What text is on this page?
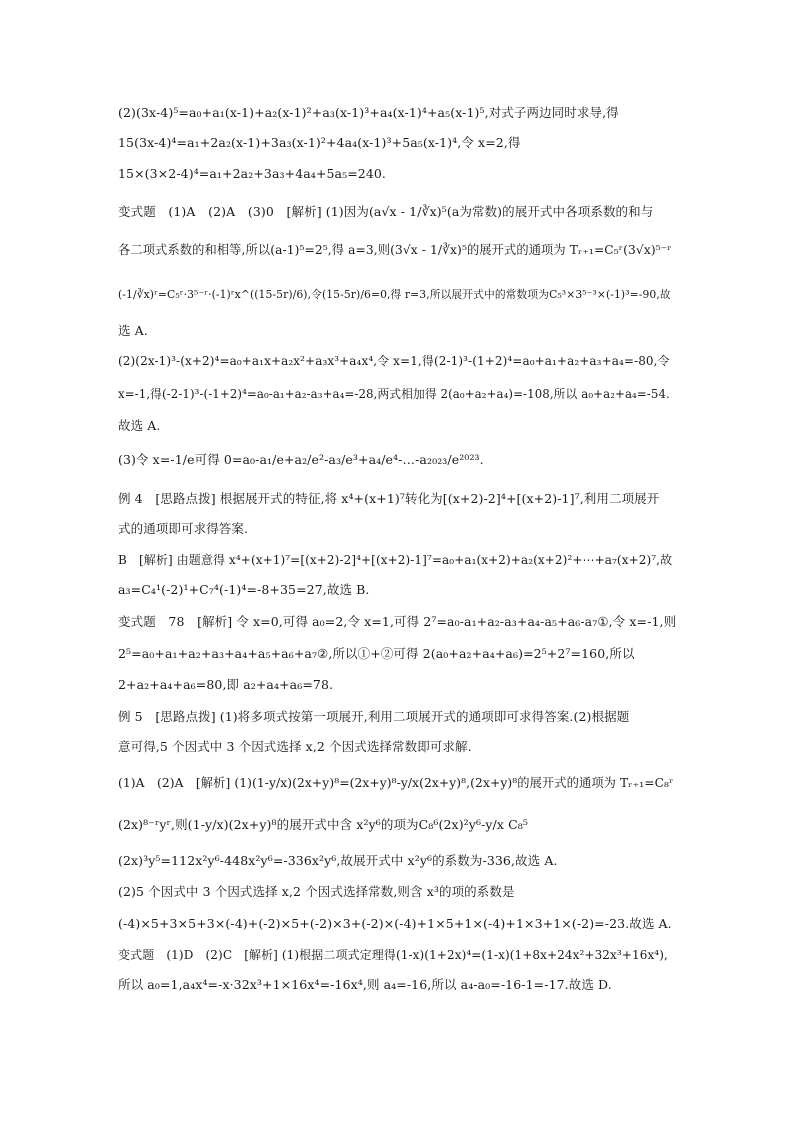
(2)(3x-4)⁵=a₀+a₁(x-1)+a₂(x-1)²+a₃(x-1)³+a₄(x-1)⁴+a₅(x-1)⁵,对式子两边同时求导,得
15(3x-4)⁴=a₁+2a₂(x-1)+3a₃(x-1)²+4a₄(x-1)³+5a₅(x-1)⁴,令 x=2,得
15×(3×2-4)⁴=a₁+2a₂+3a₃+4a₄+5a₅=240.
变式题　(1)A　(2)A　(3)0　[解析] (1)因为(a√x - 1/∛x)⁵(a为常数)的展开式中各项系数的和与
各二项式系数的和相等,所以(a-1)⁵=2⁵,得 a=3,则(3√x - 1/∛x)⁵的展开式的通项为 Tᵣ₊₁=C₅ʳ(3√x)⁵⁻ʳ
(-1/∛x)ʳ=C₅ʳ·3⁵⁻ʳ·(-1)ʳx^((15-5r)/6),令(15-5r)/6=0,得 r=3,所以展开式中的常数项为C₅³×3⁵⁻³×(-1)³=-90,故
选 A.
(2)(2x-1)³-(x+2)⁴=a₀+a₁x+a₂x²+a₃x³+a₄x⁴,令 x=1,得(2-1)³-(1+2)⁴=a₀+a₁+a₂+a₃+a₄=-80,令
x=-1,得(-2-1)³-(-1+2)⁴=a₀-a₁+a₂-a₃+a₄=-28,两式相加得 2(a₀+a₂+a₄)=-108,所以 a₀+a₂+a₄=-54.
故选 A.
(3)令 x=-1/e可得 0=a₀-a₁/e+a₂/e²-a₃/e³+a₄/e⁴-…-a₂₀₂₃/e²⁰²³.
例 4　[思路点拨] 根据展开式的特征,将 x⁴+(x+1)⁷转化为[(x+2)-2]⁴+[(x+2)-1]⁷,利用二项展开
式的通项即可求得答案.
B　[解析] 由题意得 x⁴+(x+1)⁷=[(x+2)-2]⁴+[(x+2)-1]⁷=a₀+a₁(x+2)+a₂(x+2)²+⋯+a₇(x+2)⁷,故
a₃=C₄¹(-2)¹+C₇⁴(-1)⁴=-8+35=27,故选 B.
变式题　78　[解析] 令 x=0,可得 a₀=2,令 x=1,可得 2⁷=a₀-a₁+a₂-a₃+a₄-a₅+a₆-a₇①,令 x=-1,则
2⁵=a₀+a₁+a₂+a₃+a₄+a₅+a₆+a₇②,所以①+②可得 2(a₀+a₂+a₄+a₆)=2⁵+2⁷=160,所以
2+a₂+a₄+a₆=80,即 a₂+a₄+a₆=78.
例 5　[思路点拨] (1)将多项式按第一项展开,利用二项展开式的通项即可求得答案.(2)根据题
意可得,5 个因式中 3 个因式选择 x,2 个因式选择常数即可求解.
(1)A　(2)A　[解析] (1)(1-y/x)(2x+y)⁸=(2x+y)⁸-y/x(2x+y)⁸,(2x+y)⁸的展开式的通项为 Tᵣ₊₁=C₈ʳ
(2x)⁸⁻ʳyʳ,则(1-y/x)(2x+y)⁸的展开式中含 x²y⁶的项为C₈⁶(2x)²y⁶-y/x C₈⁵
(2x)³y⁵=112x²y⁶-448x²y⁶=-336x²y⁶,故展开式中 x²y⁶的系数为-336,故选 A.
(2)5 个因式中 3 个因式选择 x,2 个因式选择常数,则含 x³的项的系数是
(-4)×5+3×5+3×(-4)+(-2)×5+(-2)×3+(-2)×(-4)+1×5+1×(-4)+1×3+1×(-2)=-23.故选 A.
变式题　(1)D　(2)C　[解析] (1)根据二项式定理得(1-x)(1+2x)⁴=(1-x)(1+8x+24x²+32x³+16x⁴),
所以 a₀=1,a₄x⁴=-x·32x³+1×16x⁴=-16x⁴,则 a₄=-16,所以 a₄-a₀=-16-1=-17.故选 D.
